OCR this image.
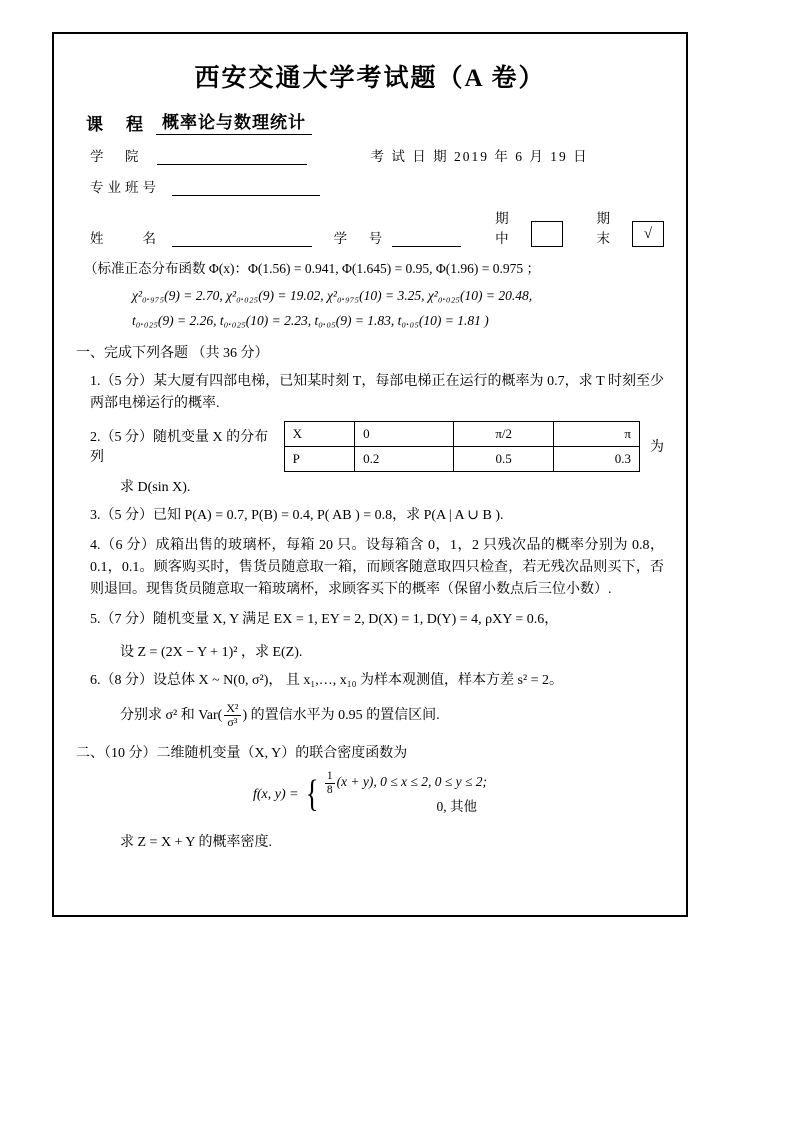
西安交通大学考试题（A 卷）
课　程 概率论与数理统计
学　院	考 试 日 期 2019 年 6 月 19 日
专业班号
姓　　名	学　号
期中
期末	√
（标准正态分布函数 Φ(x)：Φ(1.56) = 0.941, Φ(1.645) = 0.95, Φ(1.96) = 0.975 ；
χ²₀.₉₇₅(9) = 2.70, χ²₀.₀₂₅(9) = 19.02, χ²₀.₉₇₅(10) = 3.25, χ²₀.₀₂₅(10) = 20.48,
t₀.₀₂₅(9) = 2.26, t₀.₀₂₅(10) = 2.23, t₀.₀₅(9) = 1.83, t₀.₀₅(10) = 1.81 )
一、完成下列各题 （共 36 分）
1.（5 分）某大厦有四部电梯，已知某时刻 T，每部电梯正在运行的概率为 0.7，求 T 时刻至少两部电梯运行的概率.
2.（5 分）随机变量 X 的分布列
X	0	π/2	π
P	0.2	0.5	0.3
为
求 D(sin X).
3.（5 分）已知 P(A) = 0.7, P(B) = 0.4, P( AB ) = 0.8，求 P(A | A ∪ B ).
4.（6 分）成箱出售的玻璃杯，每箱 20 只。设每箱含 0，1，2 只残次品的概率分别为 0.8，0.1，0.1。顾客购买时，售货员随意取一箱，而顾客随意取四只检查，若无残次品则买下，否则退回。现售货员随意取一箱玻璃杯，求顾客买下的概率（保留小数点后三位小数）.
5.（7 分）随机变量 X, Y 满足 EX = 1, EY = 2, D(X) = 1, D(Y) = 4, ρXY = 0.6，
设 Z = (2X − Y + 1)² ，求 E(Z).
6.（8 分）设总体 X ~ N(0, σ²)， 且 x₁,…, x₁₀ 为样本观测值，样本方差 s² = 2。
分别求 σ² 和 $Var( \frac{\text{X²}}{\text{σ³}}$ ) 的置信水平为 0.95 的置信区间.
二、（10 分）二维随机变量（X, Y）的联合密度函数为
f(x, y) = { $\frac{1}{8} (x + y)$, 0 ≤ x ≤ 2, 0 ≤ y ≤ 2;
0, 其他
求 Z = X + Y 的概率密度.
